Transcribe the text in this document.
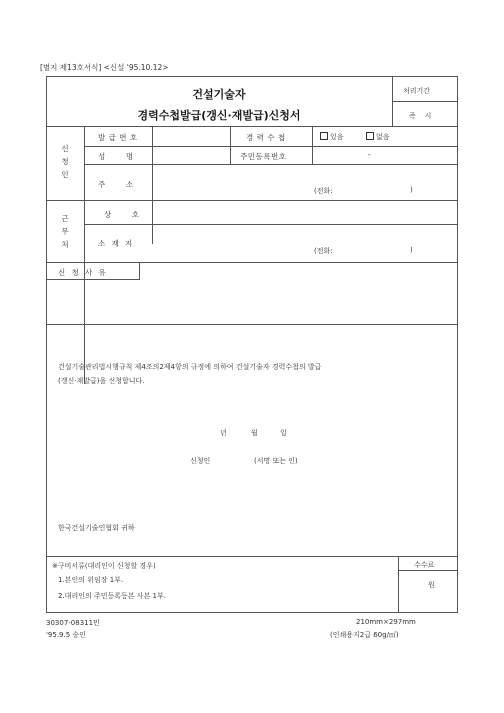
[별지 제13호서식] <신설 '95.10.12>
건설기술자
경력수첩발급(갱신·재발급)신청서
처리기간
즉    시
신
청
인
근
무
처
발 급 번 호	경 력 수 첩	있음	없음
성       명	주민등록번호	-
주       소
(전화:	)
상       호
소  재  지
(전화:	)
신  청  사  유
건설기술관리법시행규칙 제4조의2제4항의 규정에 의하여 건설기술자 경력수첩의 발급
(갱신·재발급)을 신청합니다.
년	월	일
신청인	(서명 또는 인)
한국건설기술인협회 귀하
※구비서류(대리인이 신청할 경우)
1.본인의 위임장 1부.
2.대리인의 주민등록등본 사본 1부.
수수료
원
30307-08311민
'95.9.5 승인
210mm×297mm
(인쇄용지2급 60g/㎡)
